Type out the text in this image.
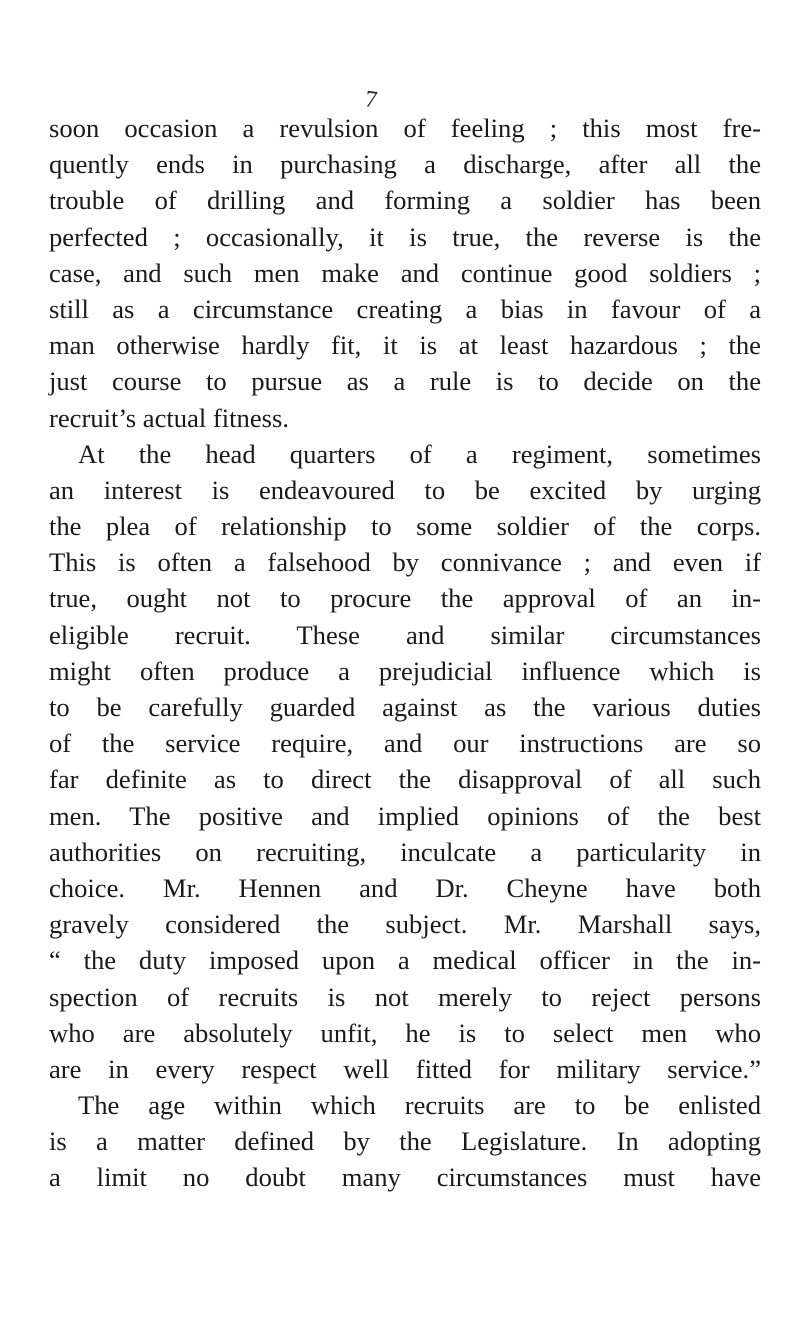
7
soon occasion a revulsion of feeling ; this most fre-
quently ends in purchasing a discharge, after all the
trouble of drilling and forming a soldier has been
perfected ; occasionally, it is true, the reverse is the
case, and such men make and continue good soldiers ;
still as a circumstance creating a bias in favour of a
man otherwise hardly fit, it is at least hazardous ; the
just course to pursue as a rule is to decide on the
recruit’s actual fitness.
At the head quarters of a regiment, sometimes
an interest is endeavoured to be excited by urging
the plea of relationship to some soldier of the corps.
This is often a falsehood by connivance ; and even if
true, ought not to procure the approval of an in-
eligible recruit. These and similar circumstances
might often produce a prejudicial influence which is
to be carefully guarded against as the various duties
of the service require, and our instructions are so
far definite as to direct the disapproval of all such
men. The positive and implied opinions of the best
authorities on recruiting, inculcate a particularity in
choice. Mr. Hennen and Dr. Cheyne have both
gravely considered the subject. Mr. Marshall says,
“ the duty imposed upon a medical officer in the in-
spection of recruits is not merely to reject persons
who are absolutely unfit, he is to select men who
are in every respect well fitted for military service.”
The age within which recruits are to be enlisted
is a matter defined by the Legislature. In adopting
a limit no doubt many circumstances must have
